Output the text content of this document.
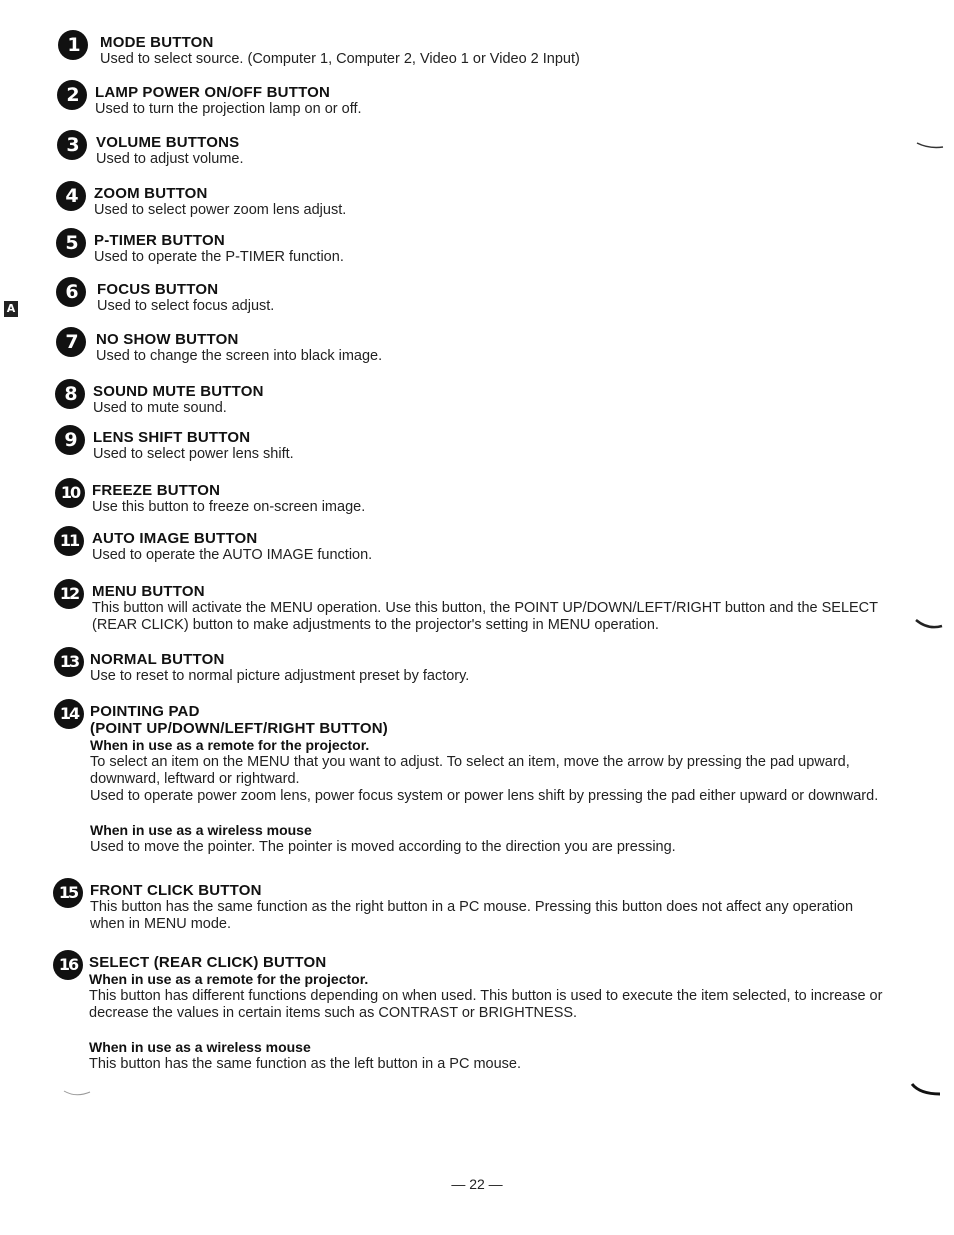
A
1	MODE BUTTON
Used to select source. (Computer 1, Computer 2, Video 1 or Video 2 Input)
2	LAMP POWER ON/OFF BUTTON
Used to turn the projection lamp on or off.
3	VOLUME BUTTONS
Used to adjust volume.
4	ZOOM BUTTON
Used to select power zoom lens adjust.
5	P-TIMER BUTTON
Used to operate the P-TIMER function.
6	FOCUS BUTTON
Used to select focus adjust.
7	NO SHOW BUTTON
Used to change the screen into black image.
8	SOUND MUTE BUTTON
Used to mute sound.
9	LENS SHIFT BUTTON
Used to select power lens shift.
10 FREEZE BUTTON
Use this button to freeze on-screen image.
11 AUTO IMAGE BUTTON
Used to operate the AUTO IMAGE function.
12 MENU BUTTON
This button will activate the MENU operation. Use this button, the POINT UP/DOWN/LEFT/RIGHT button and the SELECT (REAR CLICK) button to make adjustments to the projector's setting in MENU operation.
13 NORMAL BUTTON
Use to reset to normal picture adjustment preset by factory.
14 POINTING PAD
(POINT UP/DOWN/LEFT/RIGHT BUTTON)
When in use as a remote for the projector.
To select an item on the MENU that you want to adjust. To select an item, move the arrow by pressing the pad upward, downward, leftward or rightward.
Used to operate power zoom lens, power focus system or power lens shift by pressing the pad either upward or downward.
When in use as a wireless mouse
Used to move the pointer. The pointer is moved according to the direction you are pressing.
15 FRONT CLICK BUTTON
This button has the same function as the right button in a PC mouse. Pressing this button does not affect any operation when in MENU mode.
16 SELECT (REAR CLICK) BUTTON
When in use as a remote for the projector.
This button has different functions depending on when used. This button is used to execute the item selected, to increase or decrease the values in certain items such as CONTRAST or BRIGHTNESS.
When in use as a wireless mouse
This button has the same function as the left button in a PC mouse.
— 22 —
